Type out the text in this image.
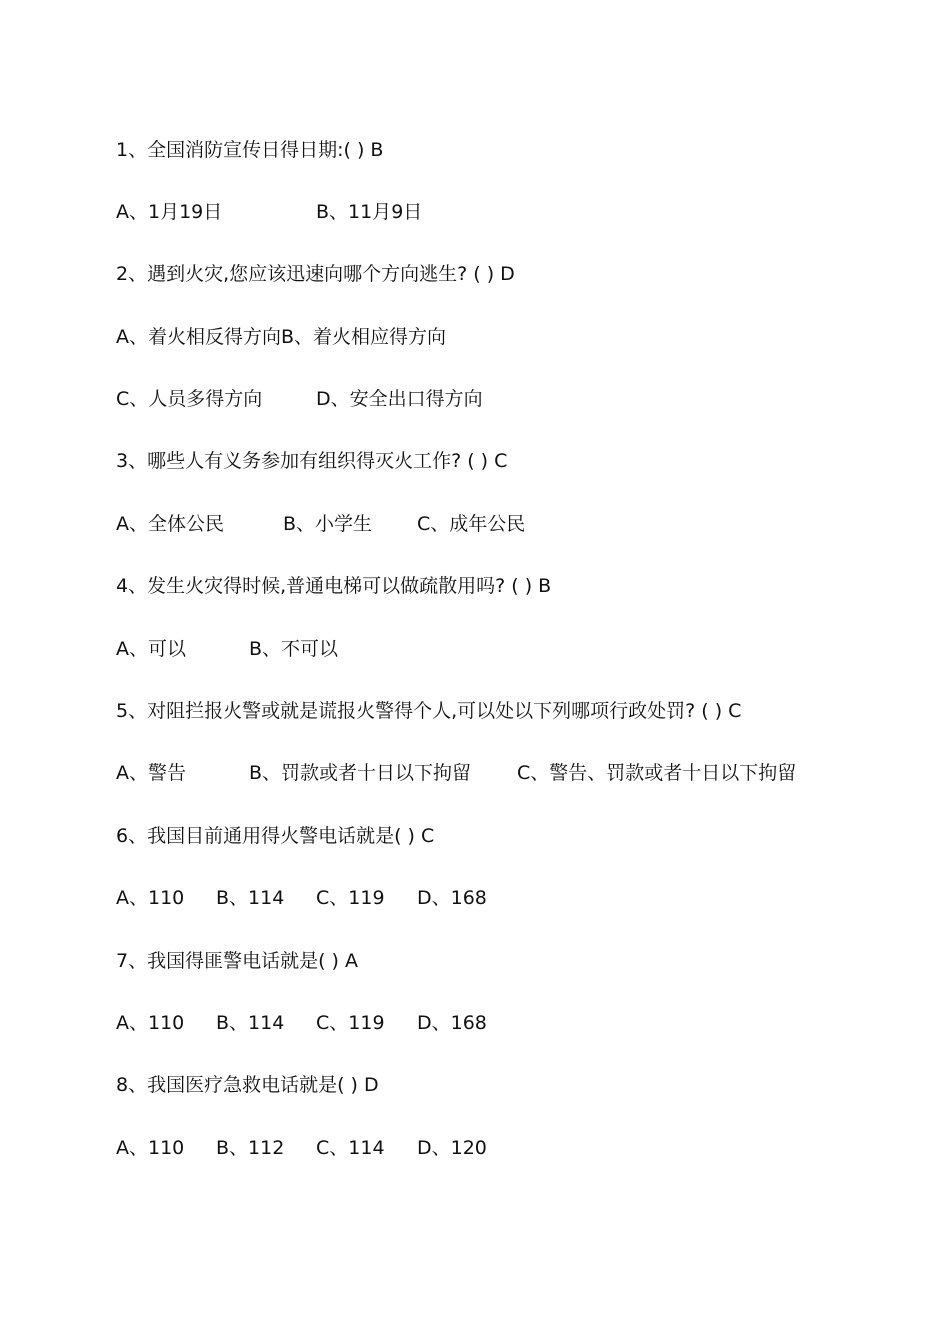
1、全国消防宣传日得日期:( ) B
A、1月19日	B、11月9日
2、遇到火灾,您应该迅速向哪个方向逃生? ( ) D
A、着火相反得方向B、着火相应得方向
C、人员多得方向	D、安全出口得方向
3、哪些人有义务参加有组织得灭火工作? ( ) C
A、全体公民	B、小学生 C、成年公民
4、发生火灾得时候,普通电梯可以做疏散用吗? ( ) B
A、可以	B、不可以
5、对阻拦报火警或就是谎报火警得个人,可以处以下列哪项行政处罚? ( ) C
A、警告	B、罚款或者十日以下拘留 C、警告、罚款或者十日以下拘留
6、我国目前通用得火警电话就是( ) C
A、110 B、114 C、119 D、168
7、我国得匪警电话就是( ) A
A、110 B、114 C、119 D、168
8、我国医疗急救电话就是( ) D
A、110 B、112 C、114 D、120
